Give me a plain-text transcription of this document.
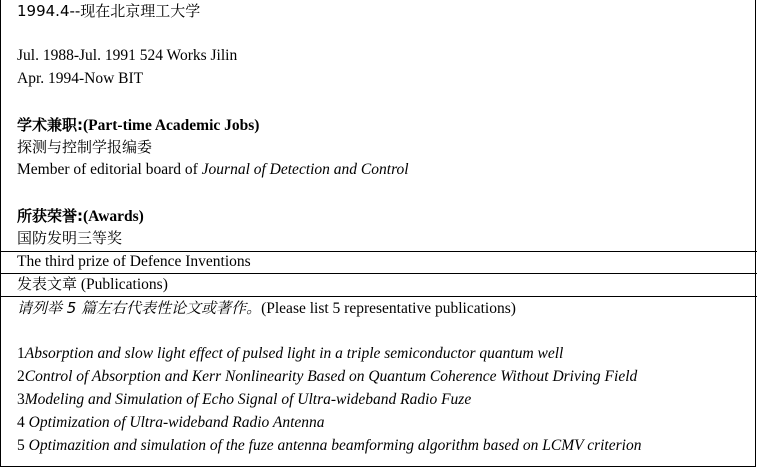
1994.4--现在北京理工大学
Jul. 1988-Jul. 1991 524 Works Jilin
Apr. 1994-Now BIT
学术兼职:(Part-time Academic Jobs)
探测与控制学报编委
Member of editorial board of Journal of Detection and Control
所获荣誉:(Awards)
国防发明三等奖
The third prize of Defence Inventions
发表文章 (Publications)
请列举 5 篇左右代表性论文或著作。(Please list 5 representative publications)
1Absorption and slow light effect of pulsed light in a triple semiconductor quantum well
2Control of Absorption and Kerr Nonlinearity Based on Quantum Coherence Without Driving Field
3Modeling and Simulation of Echo Signal of Ultra-wideband Radio Fuze
4 Optimization of Ultra-wideband Radio Antenna
5 Optimazition and simulation of the fuze antenna beamforming algorithm based on LCMV criterion
